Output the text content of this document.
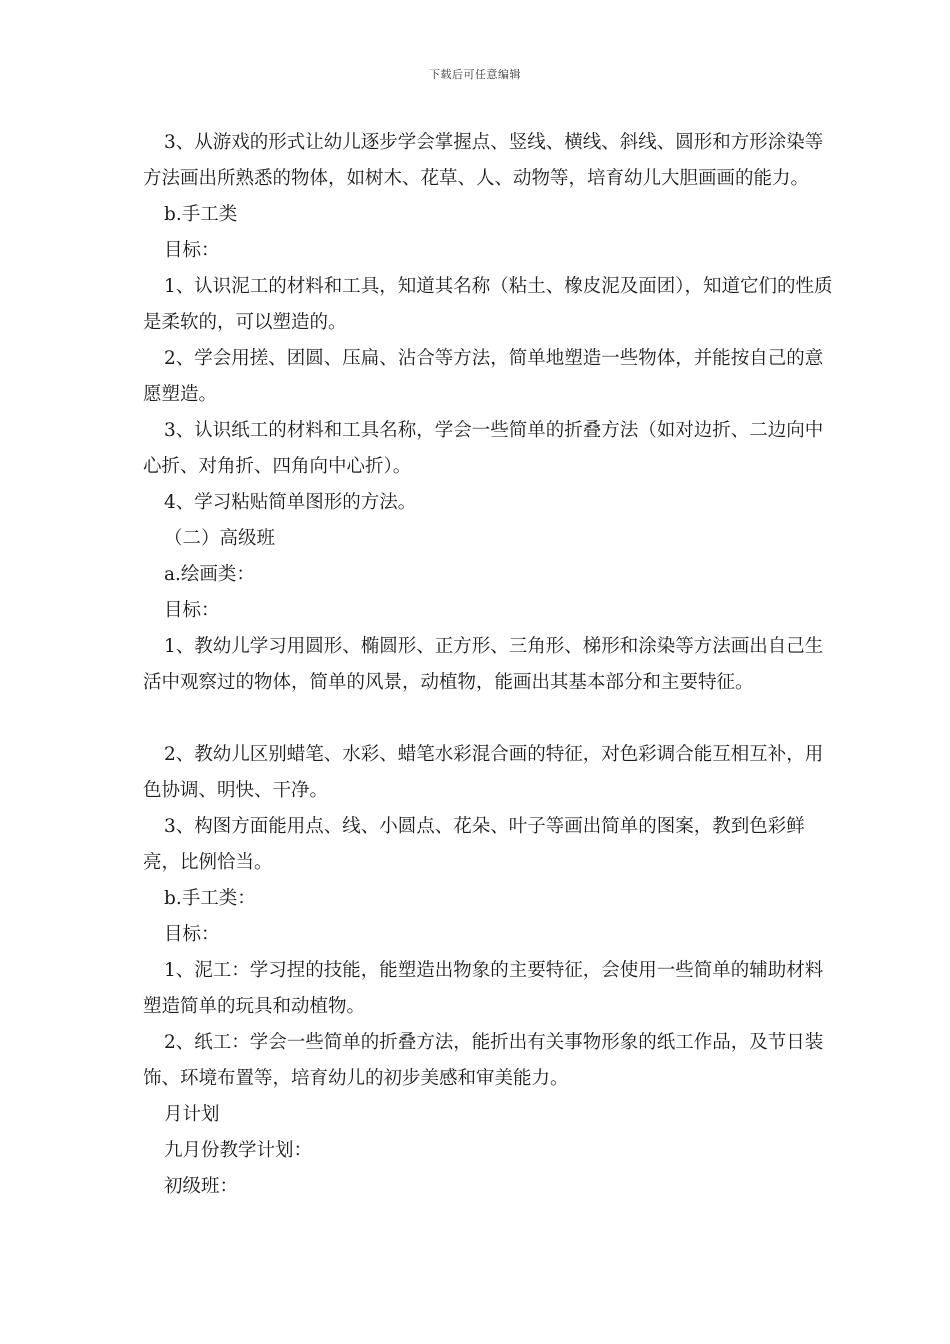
下载后可任意编辑

3、从游戏的形式让幼儿逐步学会掌握点、竖线、横线、斜线、圆形和方形涂染等方法画出所熟悉的物体，如树木、花草、人、动物等，培育幼儿大胆画画的能力。

b.手工类

目标：

1、认识泥工的材料和工具，知道其名称（粘土、橡皮泥及面团），知道它们的性质是柔软的，可以塑造的。

2、学会用搓、团圆、压扁、沾合等方法，简单地塑造一些物体，并能按自己的意愿塑造。

3、认识纸工的材料和工具名称，学会一些简单的折叠方法（如对边折、二边向中心折、对角折、四角向中心折）。

4、学习粘贴简单图形的方法。

（二）高级班

a.绘画类：

目标：

1、教幼儿学习用圆形、椭圆形、正方形、三角形、梯形和涂染等方法画出自己生活中观察过的物体，简单的风景，动植物，能画出其基本部分和主要特征。

2、教幼儿区别蜡笔、水彩、蜡笔水彩混合画的特征，对色彩调合能互相互补，用色协调、明快、干净。

3、构图方面能用点、线、小圆点、花朵、叶子等画出简单的图案，教到色彩鲜亮，比例恰当。

b.手工类：

目标：

1、泥工：学习捏的技能，能塑造出物象的主要特征，会使用一些简单的辅助材料塑造简单的玩具和动植物。

2、纸工：学会一些简单的折叠方法，能折出有关事物形象的纸工作品，及节日装饰、环境布置等，培育幼儿的初步美感和审美能力。

月计划

九月份教学计划：

初级班：
